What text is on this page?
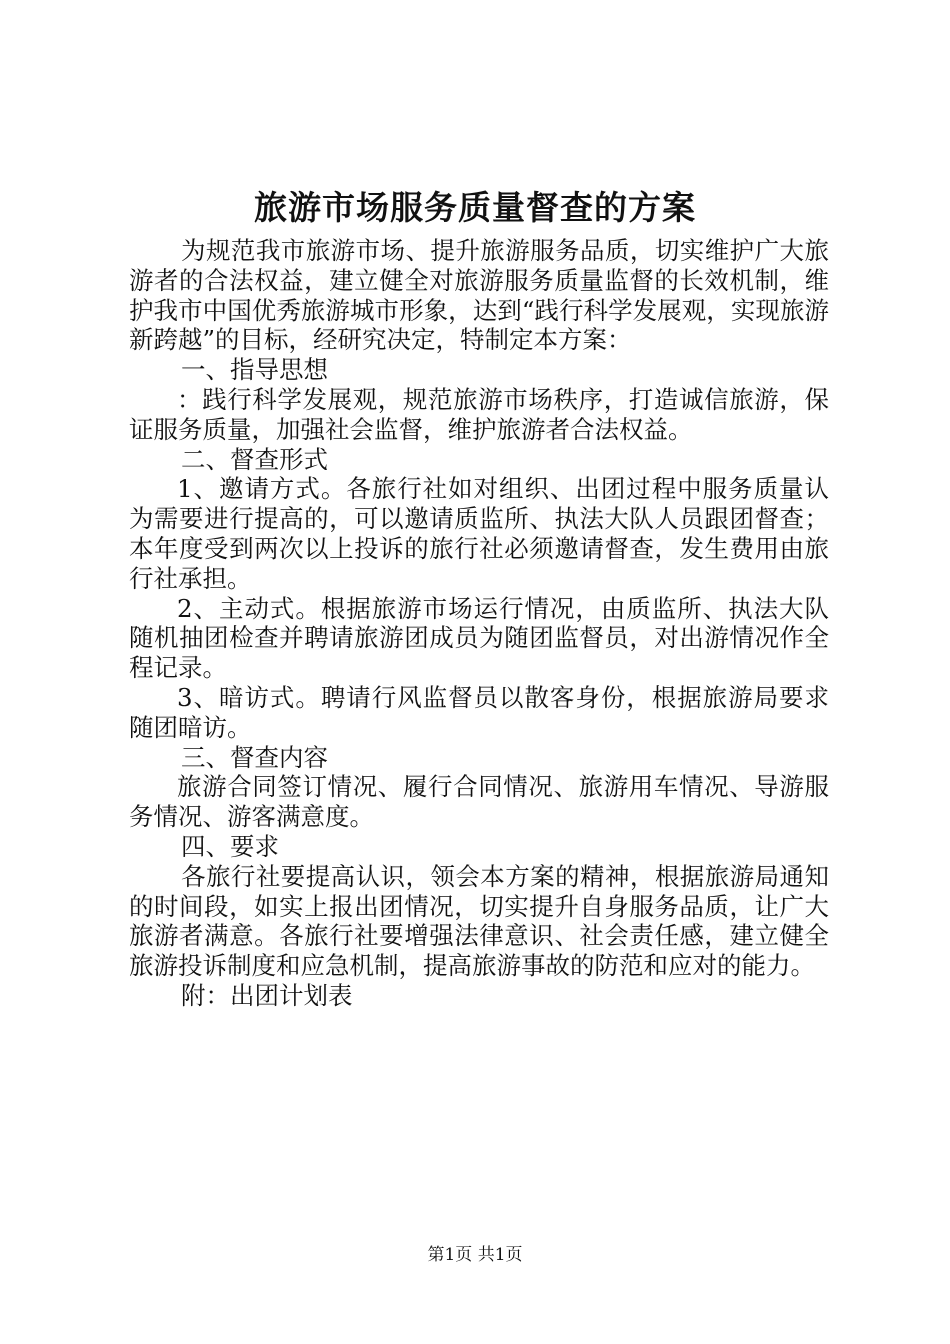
旅游市场服务质量督查的方案

为规范我市旅游市场、提升旅游服务品质，切实维护广大旅游者的合法权益，建立健全对旅游服务质量监督的长效机制，维护我市中国优秀旅游城市形象，达到“践行科学发展观，实现旅游新跨越”的目标，经研究决定，特制定本方案：

一、指导思想

：践行科学发展观，规范旅游市场秩序，打造诚信旅游，保证服务质量，加强社会监督，维护旅游者合法权益。

二、督查形式

1、邀请方式。各旅行社如对组织、出团过程中服务质量认为需要进行提高的，可以邀请质监所、执法大队人员跟团督查；本年度受到两次以上投诉的旅行社必须邀请督查，发生费用由旅行社承担。

2、主动式。根据旅游市场运行情况，由质监所、执法大队随机抽团检查并聘请旅游团成员为随团监督员，对出游情况作全程记录。

3、暗访式。聘请行风监督员以散客身份，根据旅游局要求随团暗访。

三、督查内容

旅游合同签订情况、履行合同情况、旅游用车情况、导游服务情况、游客满意度。

四、要求

各旅行社要提高认识，领会本方案的精神，根据旅游局通知的时间段，如实上报出团情况，切实提升自身服务品质，让广大旅游者满意。各旅行社要增强法律意识、社会责任感，建立健全旅游投诉制度和应急机制，提高旅游事故的防范和应对的能力。

附：出团计划表

第1页 共1页
